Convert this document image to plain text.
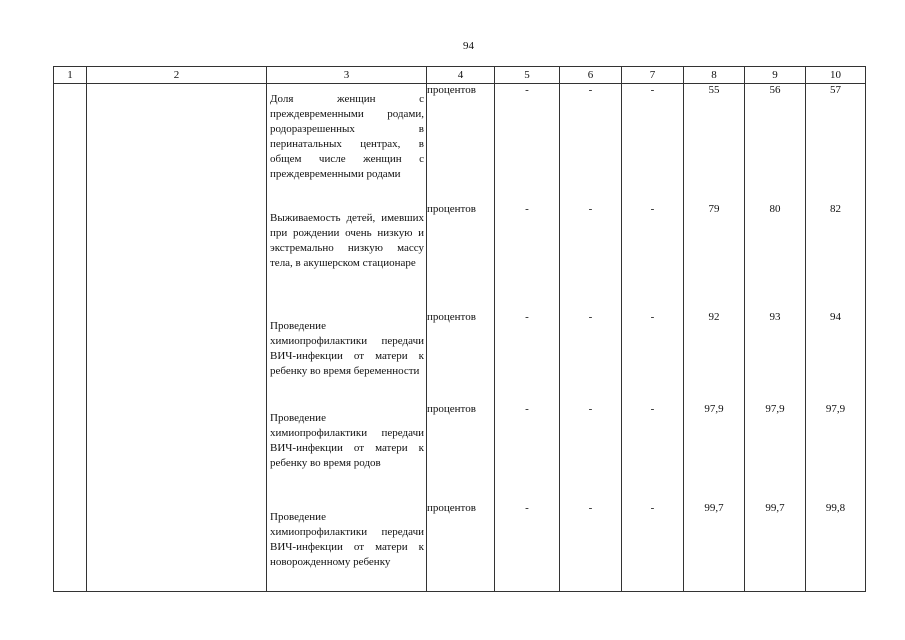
94
1	2	3	4	5	6	7	8	9	10

		Доля женщин с преждевременными родами, родоразрешенных в перинатальных центрах, в общем числе женщин с преждевременными родами	процентов	-	-	-	55	56	57

		Выживаемость детей, имевших при рождении очень низкую и экстремально низкую массу тела, в акушерском стационаре	процентов	-	-	-	79	80	82

		Проведение химиопрофилактики передачи ВИЧ-инфекции от матери к ребенку во время беременности	процентов	-	-	-	92	93	94

		Проведение химиопрофилактики передачи ВИЧ-инфекции от матери к ребенку во время родов	процентов	-	-	-	97,9	97,9	97,9

		Проведение химиопрофилактики передачи ВИЧ-инфекции от матери к новорожденному ребенку	процентов	-	-	-	99,7	99,7	99,8
